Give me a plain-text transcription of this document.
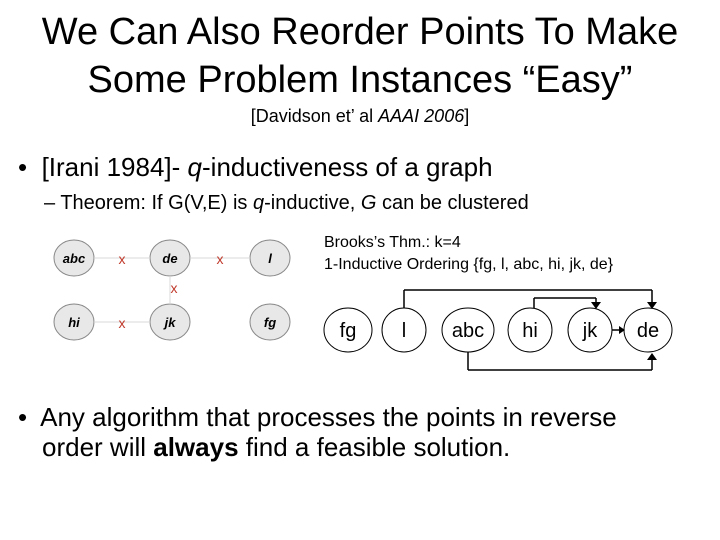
We Can Also Reorder Points To Make
Some Problem Instances “Easy”
[Davidson et’ al AAAI 2006]
• [Irani 1984]- q-inductiveness of a graph
– Theorem: If G(V,E) is q-inductive, G can be clustered
x	x
x
x
abc	de	l
hi	jk	fg
Brooks’s Thm.: k=4
1-Inductive Ordering {fg, l, abc, hi, jk, de}
fg l abc hi jk de
• Any algorithm that processes the points in reverse
order will always find a feasible solution.
